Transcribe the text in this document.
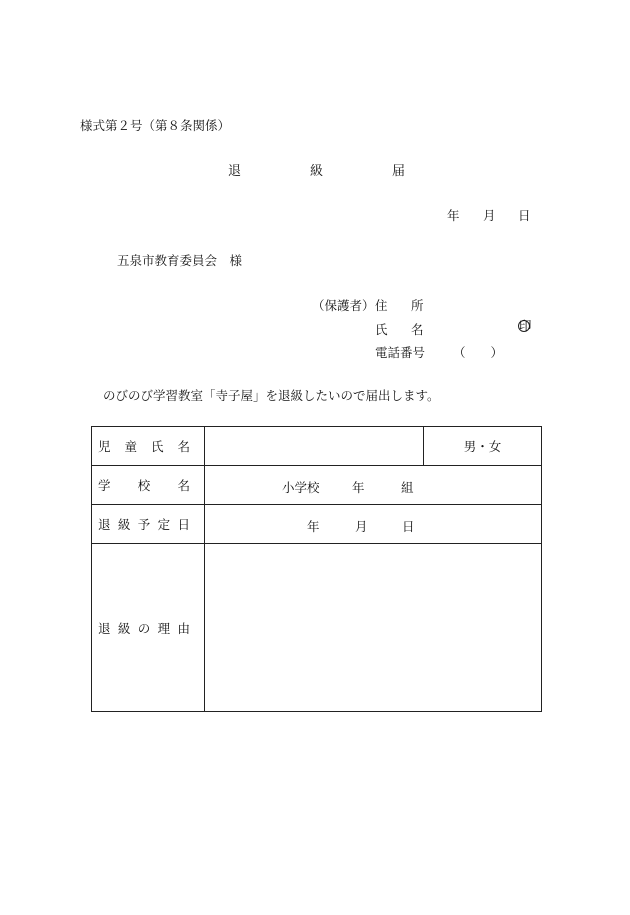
様式第２号（第８条関係）
退	級	届
年 月 日
五泉市教育委員会　様
（保護者） 住 所
氏 名	印
電話番号 （　　）
のびのび学習教室「寺子屋」を退級したいので届出します。
児 童 氏 名		男・女

学 校 名	小学校 年 組	

退 級 予 定 日	年 月 日	

退 級 の 理 由		
